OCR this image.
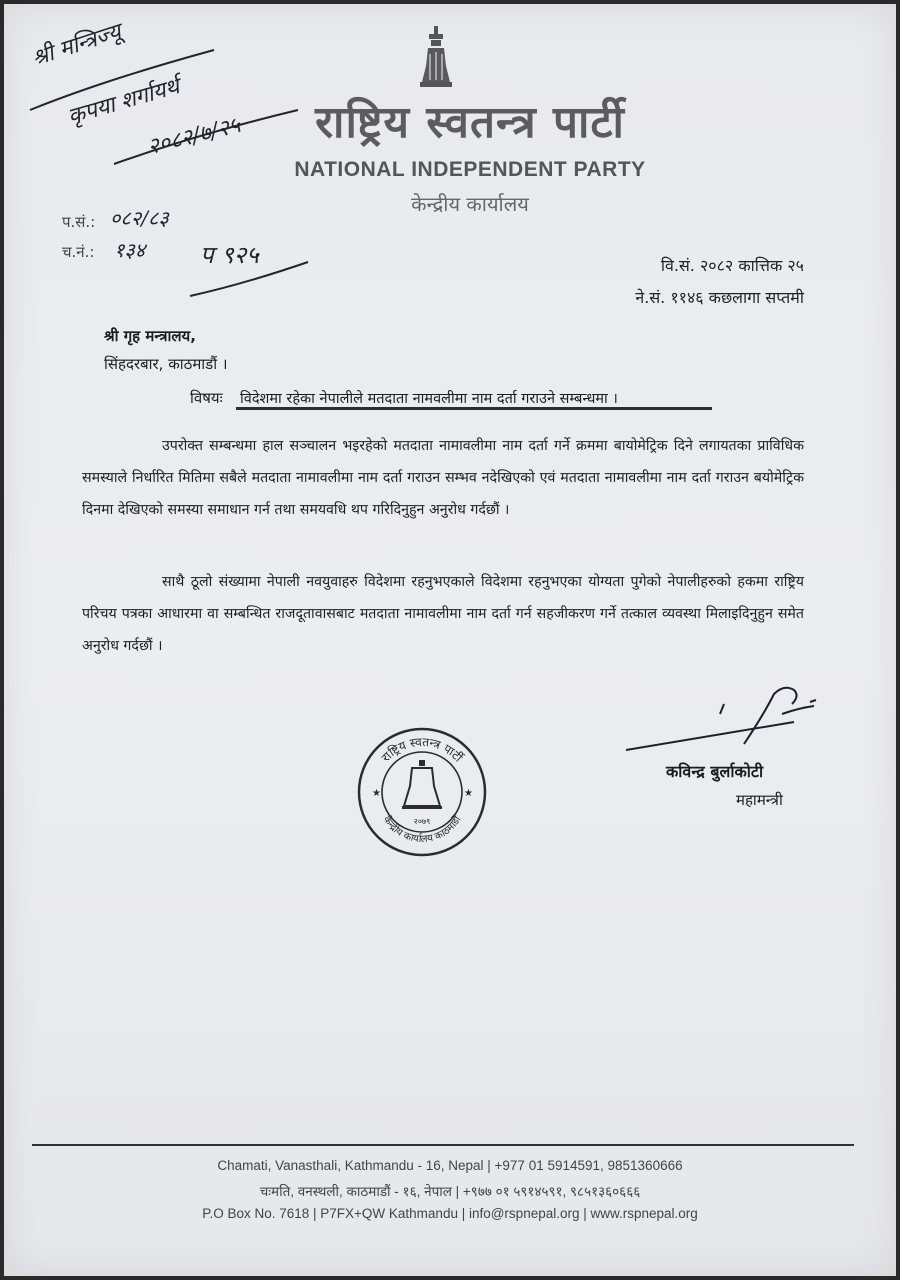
राष्ट्रिय स्वतन्त्र पार्टी
NATIONAL INDEPENDENT PARTY
केन्द्रीय कार्यालय
श्री मन्त्रिज्यू
कृपया शर्गायर्थ
२०८२/७/२५
प.सं.: ०८२/८३
च.नं.: १३४ प ९२५	वि.सं. २०८२ कात्तिक २५
ने.सं. ११४६ कछलागा सप्तमी
श्री गृह मन्त्रालय,
सिंहदरबार, काठमाडौं ।
विषयः विदेशमा रहेका नेपालीले मतदाता नामवलीमा नाम दर्ता गराउने सम्बन्धमा ।
उपरोक्त सम्बन्धमा हाल सञ्चालन भइरहेको मतदाता नामावलीमा नाम दर्ता गर्ने क्रममा बायोमेट्रिक दिने लगायतका प्राविधिक समस्याले निर्धारित मितिमा सबैले मतदाता नामावलीमा नाम दर्ता गराउन सम्भव नदेखिएको एवं मतदाता नामावलीमा नाम दर्ता गराउन बयोमेट्रिक दिनमा देखिएको समस्या समाधान गर्न तथा समयवधि थप गरिदिनुहुन अनुरोध गर्दछौं ।
साथै ठूलो संख्यामा नेपाली नवयुवाहरु विदेशमा रहनुभएकाले विदेशमा रहनुभएका योग्यता पुगेको नेपालीहरुको हकमा राष्ट्रिय परिचय पत्रका आधारमा वा सम्बन्धित राजदूतावासबाट मतदाता नामावलीमा नाम दर्ता गर्न सहजीकरण गर्ने तत्काल व्यवस्था मिलाइदिनुहुन समेत अनुरोध गर्दछौं ।
राष्ट्रिय स्वतन्त्र पार्टी
केन्द्रीय कार्यालय काठमाडौं
★	★
२०७९
कविन्द्र बुर्लाकोटी
महामन्त्री
Chamati, Vanasthali, Kathmandu - 16, Nepal | +977 01 5914591, 9851360666
चःमति, वनस्थली, काठमाडौं - १६, नेपाल | +९७७ ०१ ५९१४५९१, ९८५१३६०६६६
P.O Box No. 7618 | P7FX+QW Kathmandu | info@rspnepal.org | www.rspnepal.org
